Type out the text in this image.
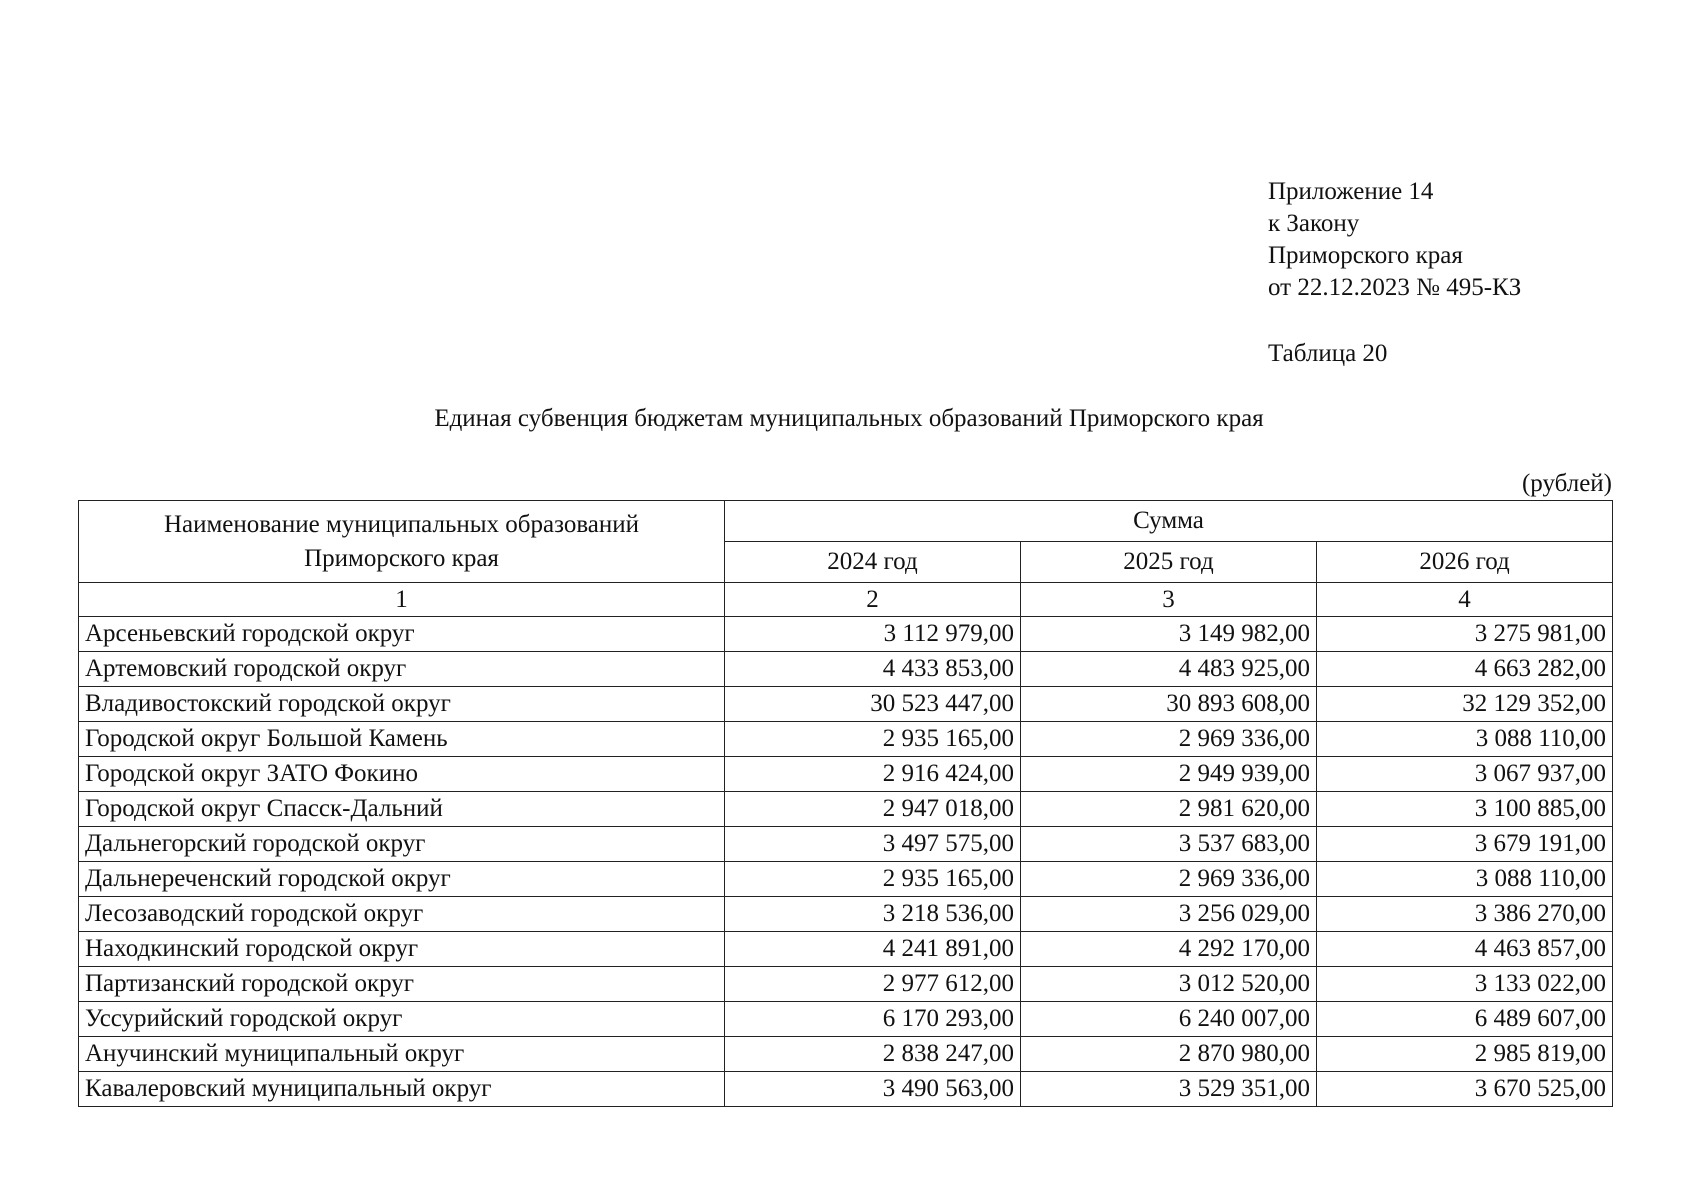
Приложение 14
к Закону
Приморского края
от 22.12.2023 № 495-КЗ
Таблица 20
Единая субвенция бюджетам муниципальных образований Приморского края
(рублей)
Наименование муниципальных образований
Приморского края	Сумма		
	2024 год	2025 год	2026 год
1	2	3	4
Арсеньевский городской округ	3 112 979,00	3 149 982,00	3 275 981,00
Артемовский городской округ	4 433 853,00	4 483 925,00	4 663 282,00
Владивостокский городской округ	30 523 447,00	30 893 608,00	32 129 352,00
Городской округ Большой Камень	2 935 165,00	2 969 336,00	3 088 110,00
Городской округ ЗАТО Фокино	2 916 424,00	2 949 939,00	3 067 937,00
Городской округ Спасск-Дальний	2 947 018,00	2 981 620,00	3 100 885,00
Дальнегорский городской округ	3 497 575,00	3 537 683,00	3 679 191,00
Дальнереченский городской округ	2 935 165,00	2 969 336,00	3 088 110,00
Лесозаводский городской округ	3 218 536,00	3 256 029,00	3 386 270,00
Находкинский городской округ	4 241 891,00	4 292 170,00	4 463 857,00
Партизанский городской округ	2 977 612,00	3 012 520,00	3 133 022,00
Уссурийский городской округ	6 170 293,00	6 240 007,00	6 489 607,00
Анучинский муниципальный округ	2 838 247,00	2 870 980,00	2 985 819,00
Кавалеровский муниципальный округ	3 490 563,00	3 529 351,00	3 670 525,00
